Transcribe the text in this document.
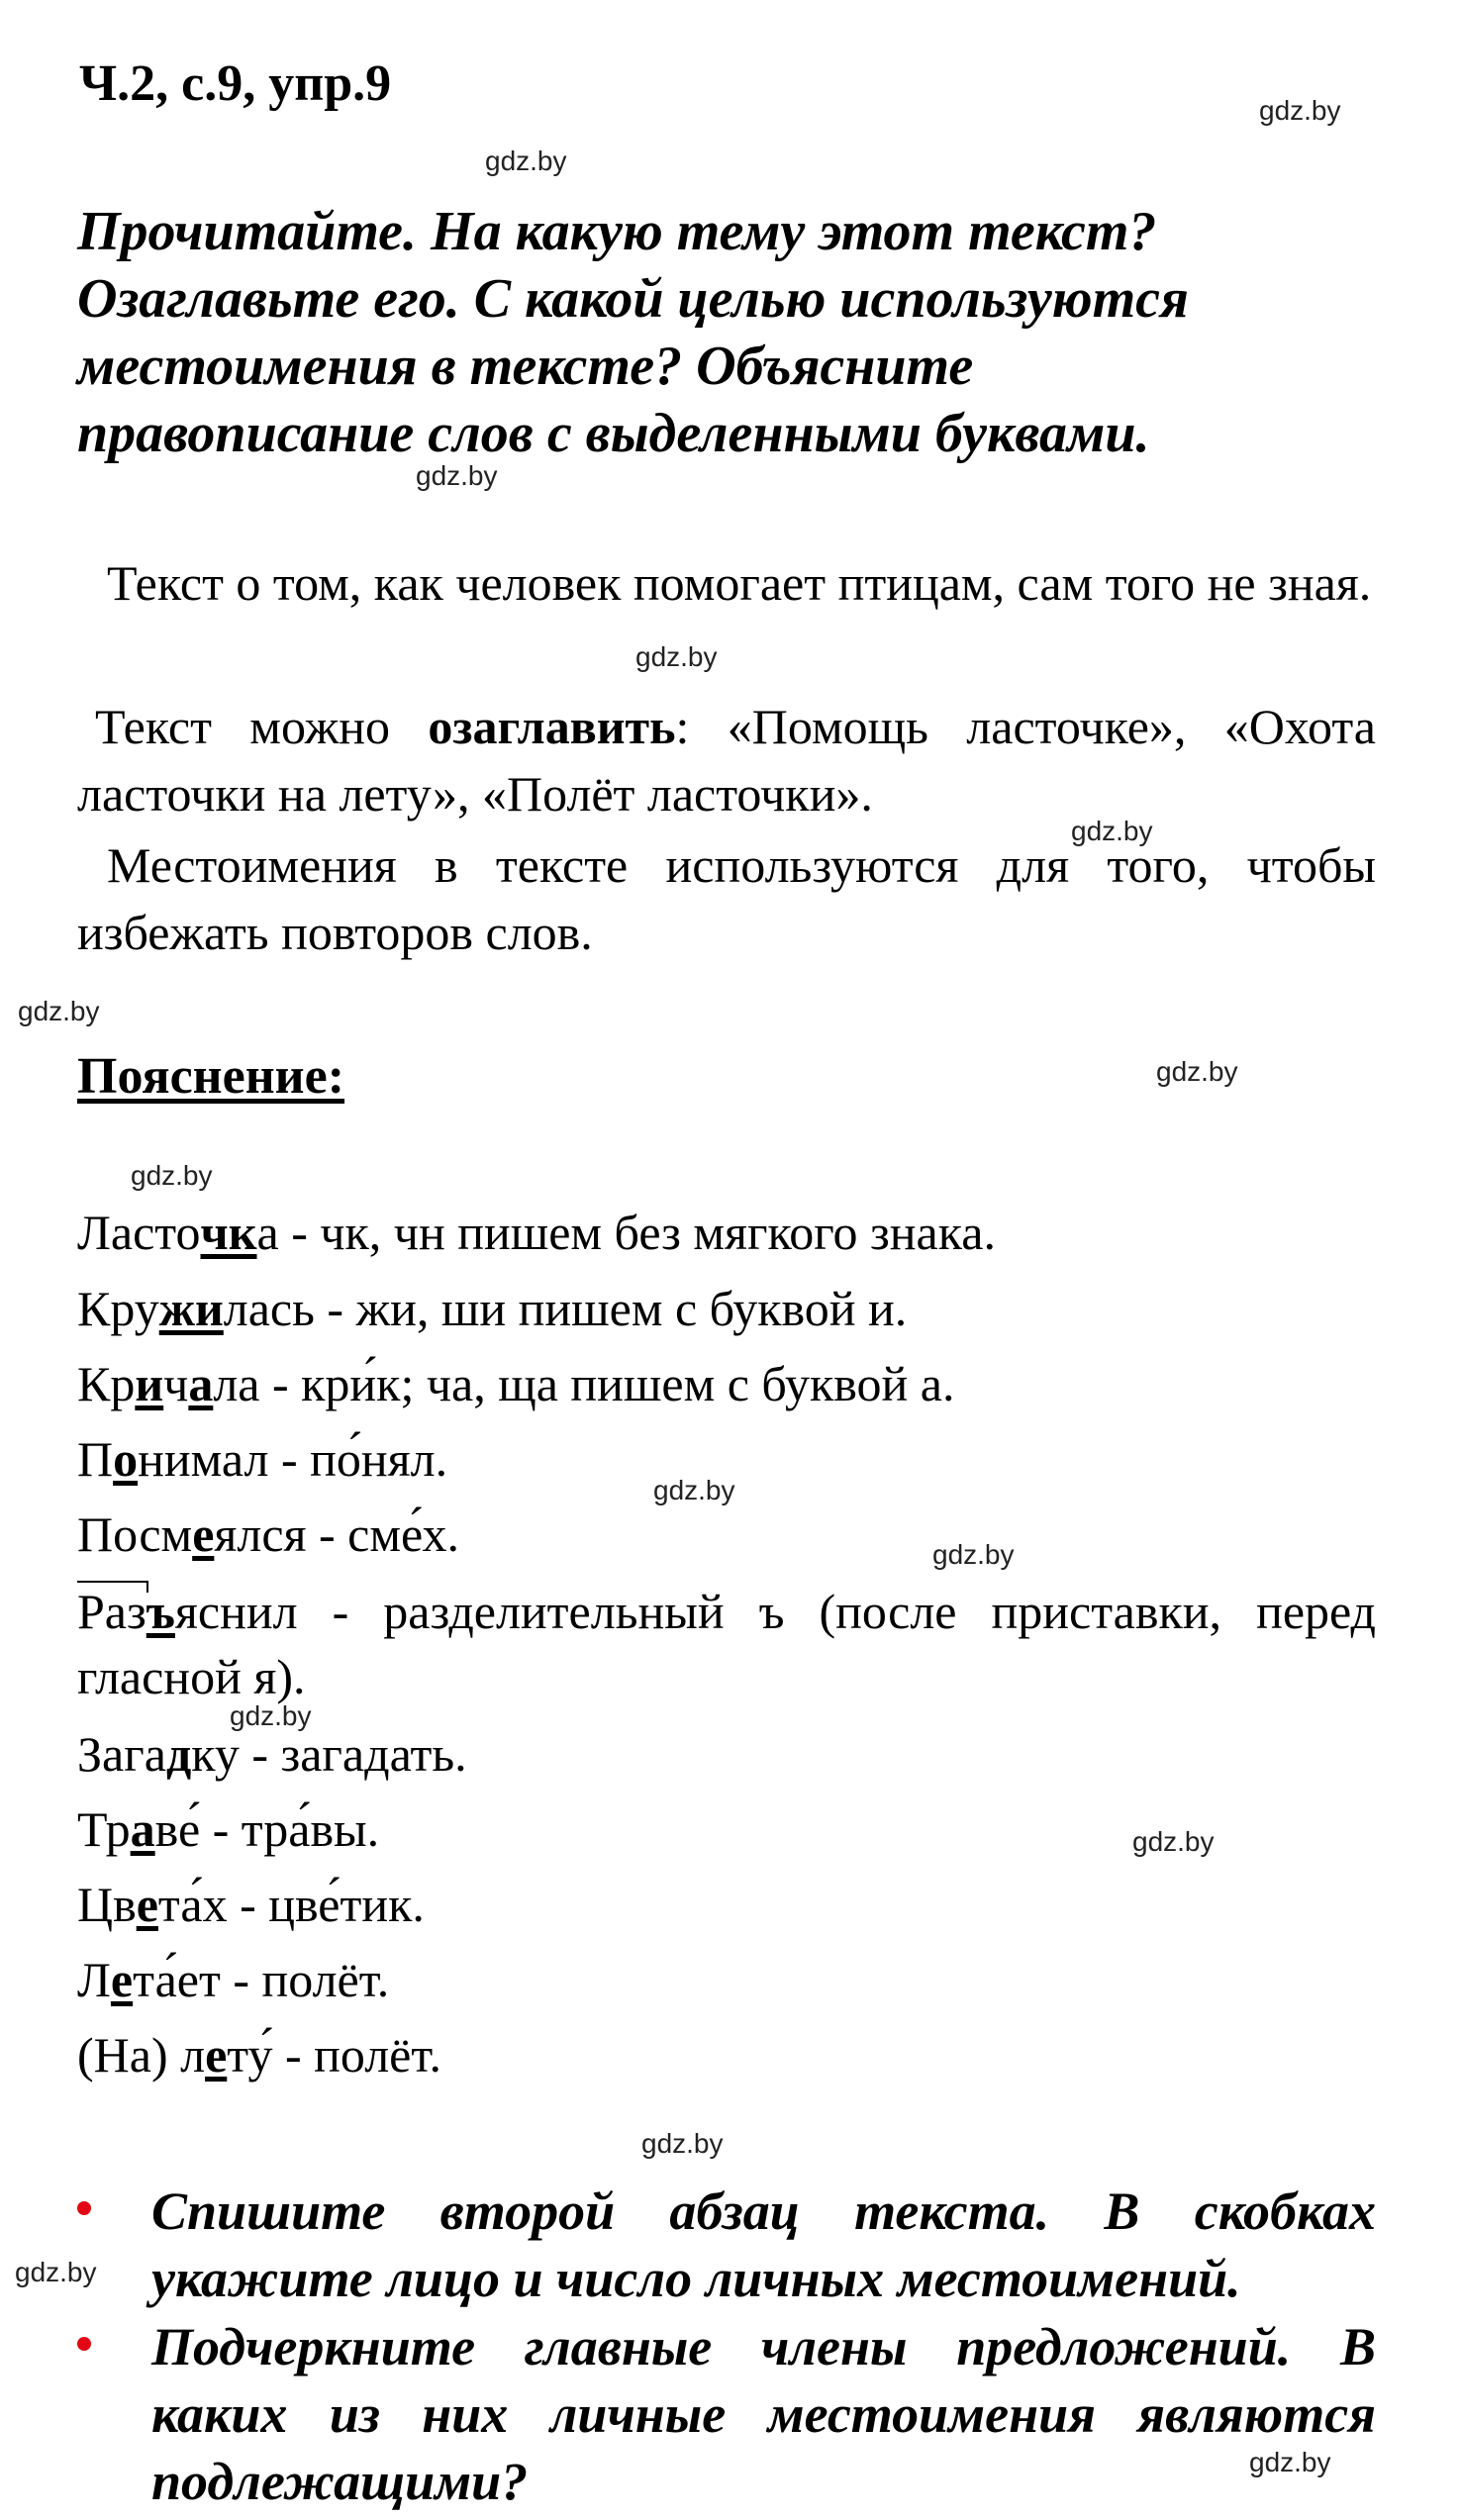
Ч.2, с.9, упр.9
Прочитайте. На какую тему этот текст?
Озаглавьте его. С какой целью используются
местоимения в тексте? Объясните
правописание слов с выделенными буквами.
Текст о том, как человек помогает птицам, сам того не зная.
Текст можно озаглавить: «Помощь ласточке», «Охота ласточки на лету», «Полёт ласточки».
Местоимения в тексте используются для того, чтобы избежать повторов слов.
Пояснение:
Ласточка - чк, чн пишем без мягкого знака.
Кружилась - жи, ши пишем с буквой и.
Кричала - кри́к; ча, ща пишем с буквой а.
Понимал - по́нял.
Посмеялся - сме́х.
Разъяснил - разделительный ъ (после приставки, перед гласной я).
Загадку - загадать.
Траве́ - тра́вы.
Цвета́х - цве́тик.
Лета́ет - полёт.
(На) лету́ - полёт.
Спишите второй абзац текста. В скобках укажите лицо и число личных местоимений.
Подчеркните главные члены предложений. В каких из них личные местоимения являются подлежащими?
gdz.by
gdz.by
gdz.by
gdz.by
gdz.by
gdz.by
gdz.by
gdz.by
gdz.by
gdz.by
gdz.by
gdz.by
gdz.by
gdz.by
gdz.by
